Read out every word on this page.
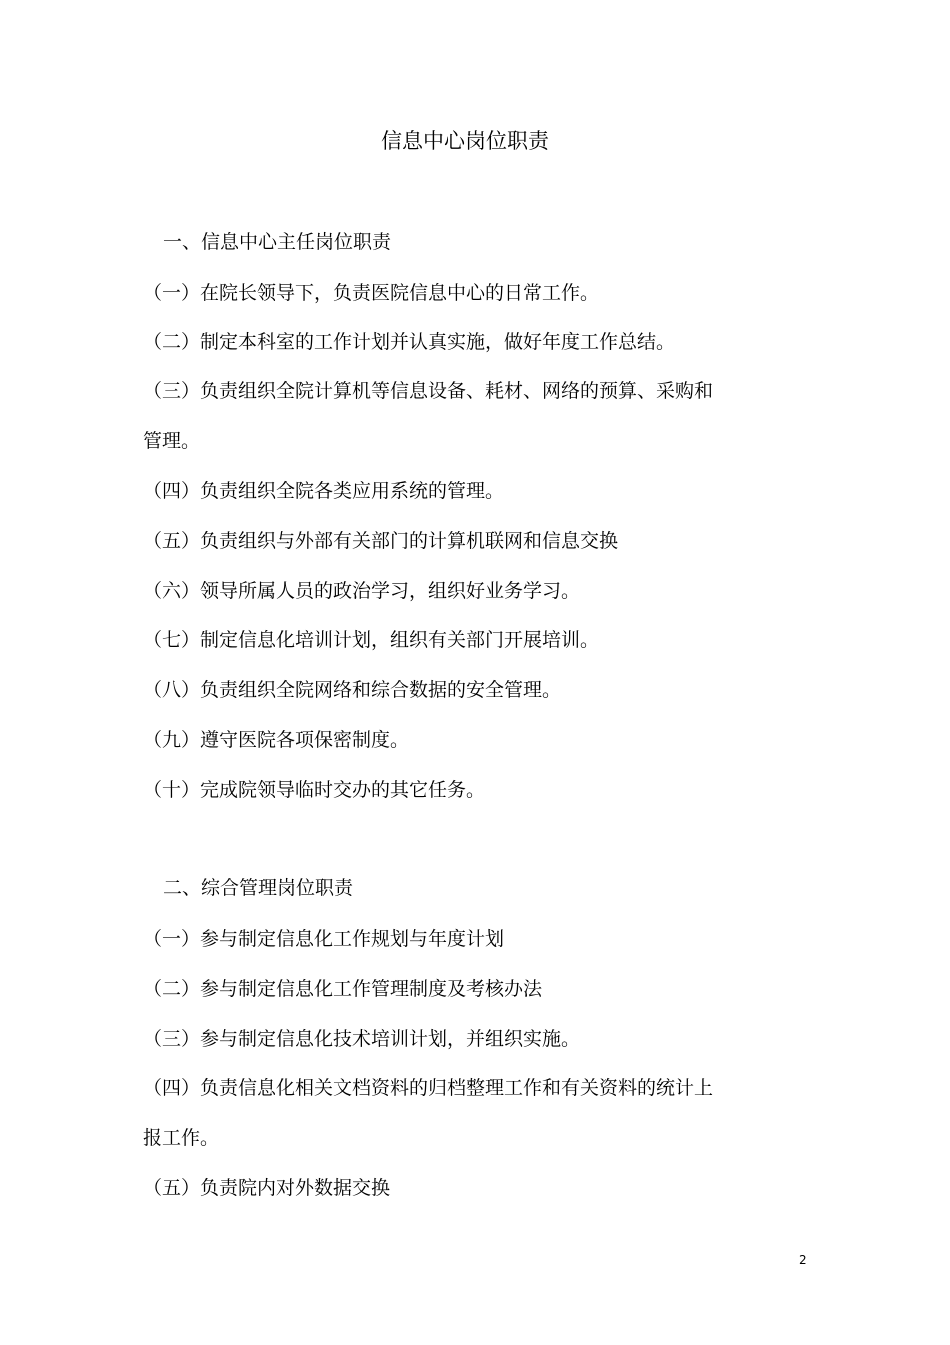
信息中心岗位职责
一、信息中心主任岗位职责
（一）在院长领导下，负责医院信息中心的日常工作。
（二）制定本科室的工作计划并认真实施，做好年度工作总结。
（三）负责组织全院计算机等信息设备、耗材、网络的预算、采购和
管理。
（四）负责组织全院各类应用系统的管理。
（五）负责组织与外部有关部门的计算机联网和信息交换
（六）领导所属人员的政治学习，组织好业务学习。
（七）制定信息化培训计划，组织有关部门开展培训。
（八）负责组织全院网络和综合数据的安全管理。
（九）遵守医院各项保密制度。
（十）完成院领导临时交办的其它任务。
二、综合管理岗位职责
（一）参与制定信息化工作规划与年度计划
（二）参与制定信息化工作管理制度及考核办法
（三）参与制定信息化技术培训计划，并组织实施。
（四）负责信息化相关文档资料的归档整理工作和有关资料的统计上
报工作。
（五）负责院内对外数据交换
2
